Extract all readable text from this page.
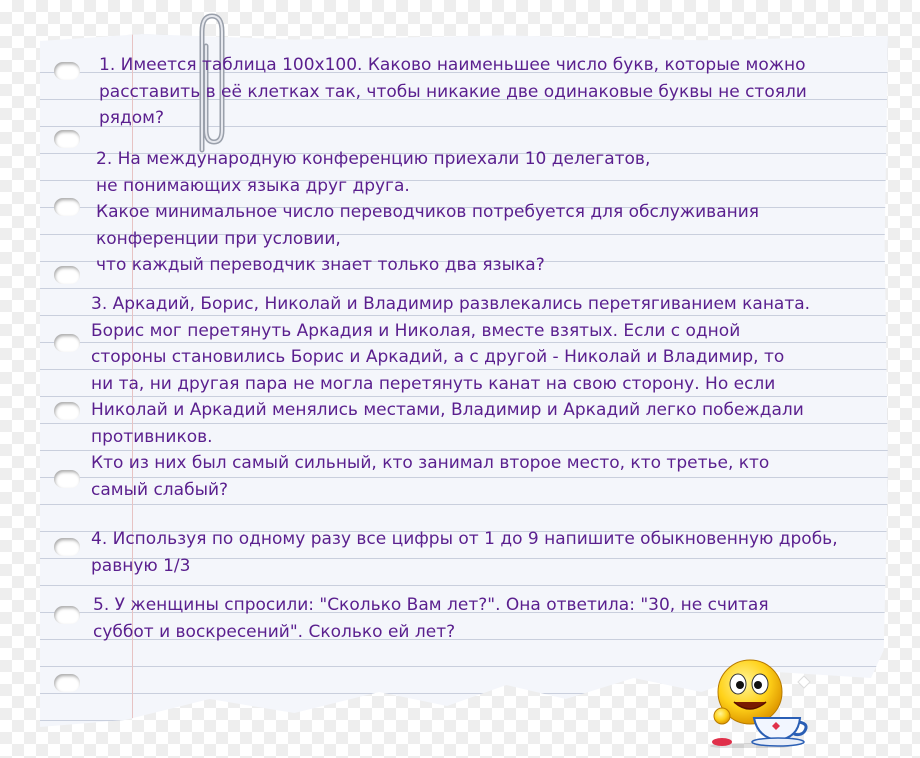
1. Имеется таблица 100x100. Каково наименьшее число букв, которые можно
расставить в её клетках так, чтобы никакие две одинаковые буквы не стояли
рядом?
2. На международную конференцию приехали 10 делегатов,
не понимающих языка друг друга.
Какое минимальное число переводчиков потребуется для обслуживания
конференции при условии,
что каждый переводчик знает только два языка?
3. Аркадий, Борис, Николай и Владимир развлекались перетягиванием каната.
Борис мог перетянуть Аркадия и Николая, вместе взятых. Если с одной
стороны становились Борис и Аркадий, а с другой - Николай и Владимир, то
ни та, ни другая пара не могла перетянуть канат на свою сторону. Но если
Николай и Аркадий менялись местами, Владимир и Аркадий легко побеждали
противников.
Кто из них был самый сильный, кто занимал второе место, кто третье, кто
самый слабый?
4. Используя по одному разу все цифры от 1 до 9 напишите обыкновенную дробь,
равную 1/3
5. У женщины спросили: "Сколько Вам лет?". Она ответила: "30, не считая
суббот и воскресений". Сколько ей лет?
